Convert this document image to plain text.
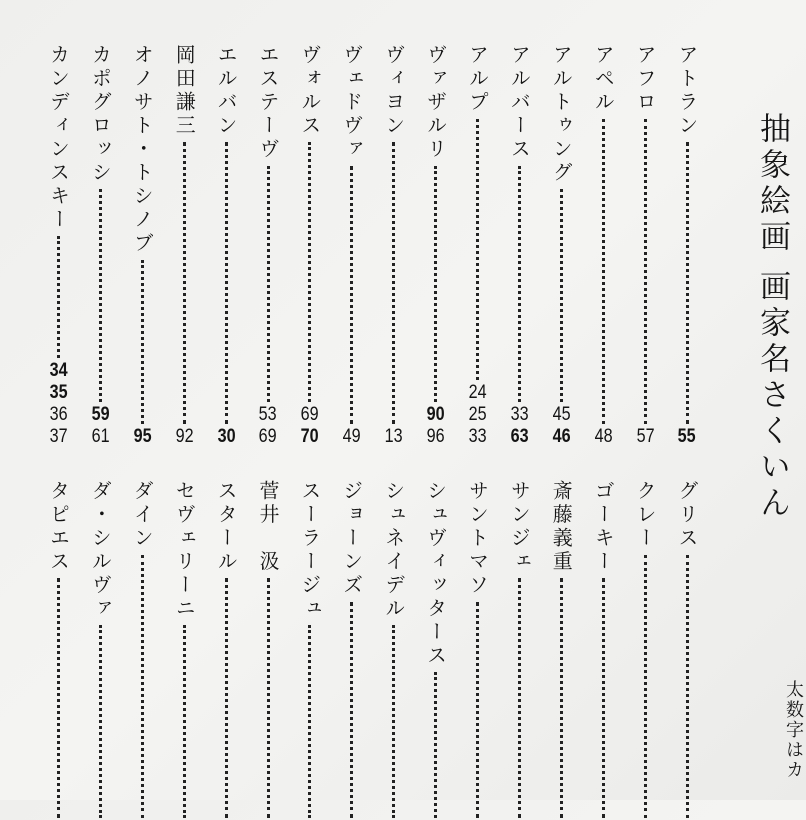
抽象絵画画家名さくいん
太数字はカ
アトラン
55
アフロ
57
アペル
48
アルトゥング
45
46
アルバース
33
63
アルプ
24
25
33
ヴァザルリ
90
96
ヴィヨン
13
ヴェドヴァ
49
ヴォルス
69
70
エステーヴ
53
69
エルバン
30
岡田謙三
92
オノサト・トシノブ
95
カポグロッシ
59
61
カンディンスキー
34
35
36
37
グリス
クレー
ゴーキー
斎藤義重
サンジェ
サントマソ
シュヴィッタース
シュネイデル
ジョーンズ
スーラージュ
菅井　汲
スタール
セヴェリーニ
ダイン
ダ・シルヴァ
タピエス
